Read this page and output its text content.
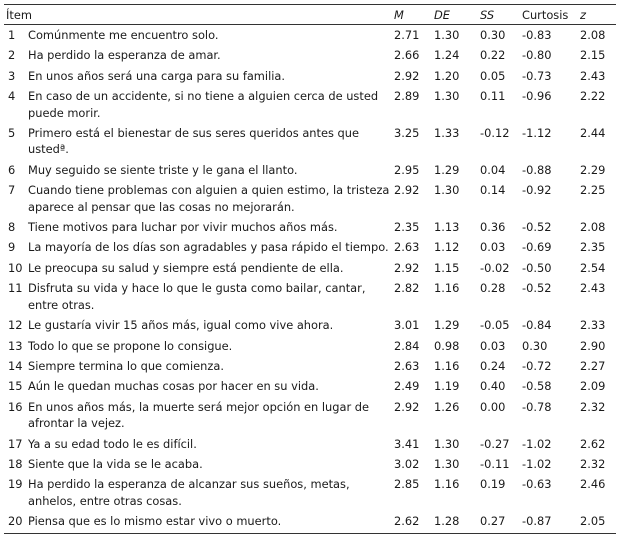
Ítem		M	DE	SS	Curtosis	z
1	Comúnmente me encuentro solo.	2.71	1.30	0.30	-0.83	2.08
2	Ha perdido la esperanza de amar.	2.66	1.24	0.22	-0.80	2.15
3	En unos años será una carga para su familia.	2.92	1.20	0.05	-0.73	2.43
4	En caso de un accidente, si no tiene a alguien cerca de usted puede morir.	2.89	1.30	0.11	-0.96	2.22
5	Primero está el bienestar de sus seres queridos antes que ustedª.	3.25	1.33	-0.12	-1.12	2.44
6	Muy seguido se siente triste y le gana el llanto.	2.95	1.29	0.04	-0.88	2.29
7	Cuando tiene problemas con alguien a quien estimo, la tristeza aparece al pensar que las cosas no mejorarán.	2.92	1.30	0.14	-0.92	2.25
8	Tiene motivos para luchar por vivir muchos años más.	2.35	1.13	0.36	-0.52	2.08
9	La mayoría de los días son agradables y pasa rápido el tiempo.	2.63	1.12	0.03	-0.69	2.35
10	Le preocupa su salud y siempre está pendiente de ella.	2.92	1.15	-0.02	-0.50	2.54
11	Disfruta su vida y hace lo que le gusta como bailar, cantar, entre otras.	2.82	1.16	0.28	-0.52	2.43
12	Le gustaría vivir 15 años más, igual como vive ahora.	3.01	1.29	-0.05	-0.84	2.33
13	Todo lo que se propone lo consigue.	2.84	0.98	0.03	0.30	2.90
14	Siempre termina lo que comienza.	2.63	1.16	0.24	-0.72	2.27
15	Aún le quedan muchas cosas por hacer en su vida.	2.49	1.19	0.40	-0.58	2.09
16	En unos años más, la muerte será mejor opción en lugar de afrontar la vejez.	2.92	1.26	0.00	-0.78	2.32
17	Ya a su edad todo le es difícil.	3.41	1.30	-0.27	-1.02	2.62
18	Siente que la vida se le acaba.	3.02	1.30	-0.11	-1.02	2.32
19	Ha perdido la esperanza de alcanzar sus sueños, metas, anhelos, entre otras cosas.	2.85	1.16	0.19	-0.63	2.46
20	Piensa que es lo mismo estar vivo o muerto.	2.62	1.28	0.27	-0.87	2.05
